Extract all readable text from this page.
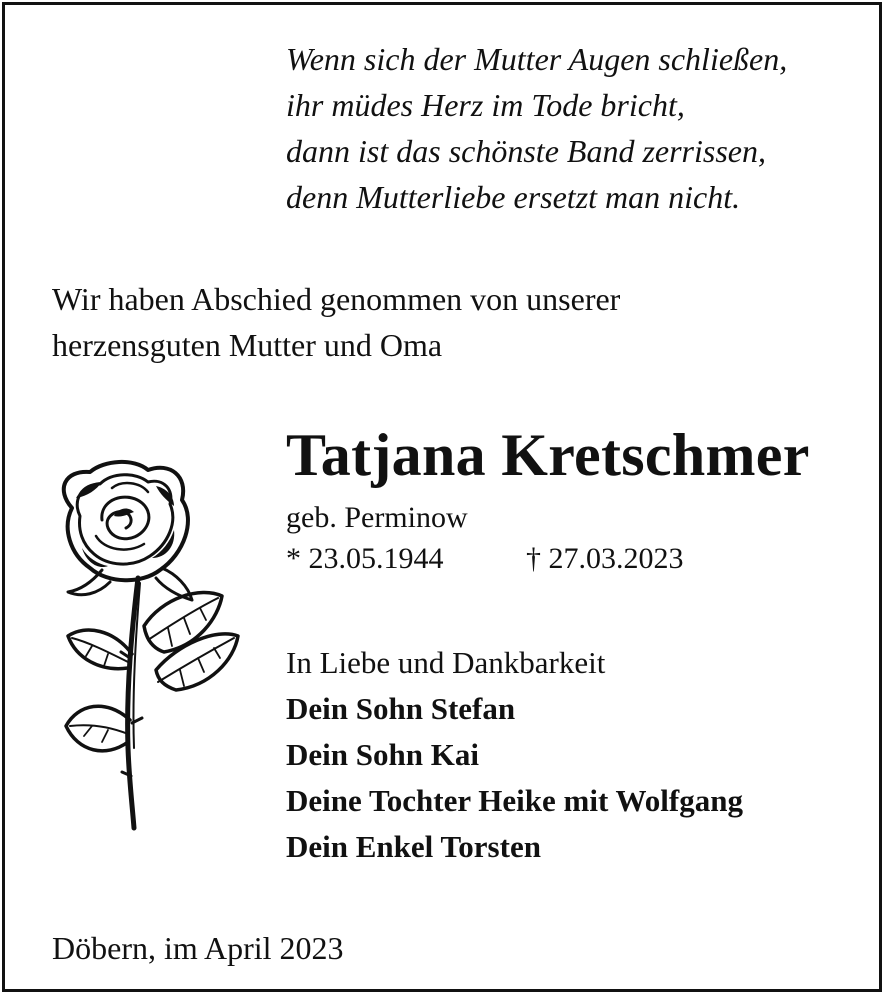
Wenn sich der Mutter Augen schließen,
ihr müdes Herz im Tode bricht,
dann ist das schönste Band zerrissen,
denn Mutterliebe ersetzt man nicht.
Wir haben Abschied genommen von unserer
herzensguten Mutter und Oma
Tatjana Kretschmer
geb. Perminow
* 23.05.1944	† 27.03.2023
In Liebe und Dankbarkeit
Dein Sohn Stefan
Dein Sohn Kai
Deine Tochter Heike mit Wolfgang
Dein Enkel Torsten
Döbern, im April 2023
